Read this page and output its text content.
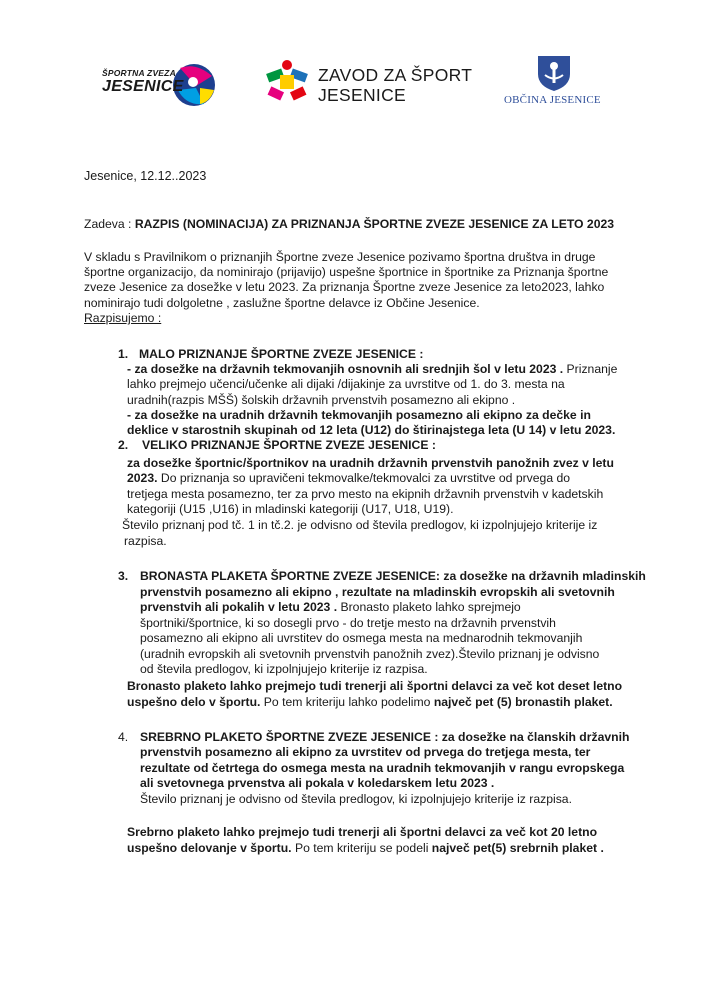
ŠPORTNA ZVEZA
JESENICE
ZAVOD ZA ŠPORT
JESENICE	OBČINA JESENICE
Jesenice, 12.12..2023
Zadeva : RAZPIS (NOMINACIJA) ZA PRIZNANJA ŠPORTNE ZVEZE JESENICE ZA LETO 2023
V skladu s Pravilnikom o priznanjih Športne zveze Jesenice pozivamo športna društva in druge
športne organizacijo, da nominirajo (prijavijo) uspešne športnice in športnike za Priznanja športne
zveze Jesenice za dosežke v letu 2023. Za priznanja Športne zveze Jesenice za leto2023, lahko
nominirajo tudi dolgoletne , zaslužne športne delavce iz Občine Jesenice.
Razpisujemo :
1. MALO PRIZNANJE ŠPORTNE ZVEZE JESENICE :
- za dosežke na državnih tekmovanjih osnovnih ali srednjih šol v letu 2023 . Priznanje
lahko prejmejo učenci/učenke ali dijaki /dijakinje za uvrstitve od 1. do 3. mesta na
uradnih(razpis MŠŠ) šolskih državnih prvenstvih posamezno ali ekipno .
- za dosežke na uradnih državnih tekmovanjih posamezno ali ekipno za dečke in
deklice v starostnih skupinah od 12 leta (U12) do štirinajstega leta (U 14) v letu 2023.
2. VELIKO PRIZNANJE ŠPORTNE ZVEZE JESENICE :
za dosežke športnic/športnikov na uradnih državnih prvenstvih panožnih zvez v letu
2023. Do priznanja so upravičeni tekmovalke/tekmovalci za uvrstitve od prvega do
tretjega mesta posamezno, ter za prvo mesto na ekipnih državnih prvenstvih v kadetskih
kategoriji (U15 ,U16) in mladinski kategoriji (U17, U18, U19).
Število priznanj pod tč. 1 in tč.2. je odvisno od števila predlogov, ki izpolnjujejo kriterije iz
razpisa.
3. BRONASTA PLAKETA ŠPORTNE ZVEZE JESENICE: za dosežke na državnih mladinskih
prvenstvih posamezno ali ekipno , rezultate na mladinskih evropskih ali svetovnih
prvenstvih ali pokalih v letu 2023 . Bronasto plaketo lahko sprejmejo
športniki/športnice, ki so dosegli prvo - do tretje mesto na državnih prvenstvih
posamezno ali ekipno ali uvrstitev do osmega mesta na mednarodnih tekmovanjih
(uradnih evropskih ali svetovnih prvenstvih panožnih zvez).Število priznanj je odvisno
od števila predlogov, ki izpolnjujejo kriterije iz razpisa.
Bronasto plaketo lahko prejmejo tudi trenerji ali športni delavci za več kot deset letno
uspešno delo v športu. Po tem kriteriju lahko podelimo največ pet (5) bronastih plaket.
4. SREBRNO PLAKETO ŠPORTNE ZVEZE JESENICE : za dosežke na članskih državnih
prvenstvih posamezno ali ekipno za uvrstitev od prvega do tretjega mesta, ter
rezultate od četrtega do osmega mesta na uradnih tekmovanjih v rangu evropskega
ali svetovnega prvenstva ali pokala v koledarskem letu 2023 .
Število priznanj je odvisno od števila predlogov, ki izpolnjujejo kriterije iz razpisa.
Srebrno plaketo lahko prejmejo tudi trenerji ali športni delavci za več kot 20 letno
uspešno delovanje v športu. Po tem kriteriju se podeli največ pet(5) srebrnih plaket .
